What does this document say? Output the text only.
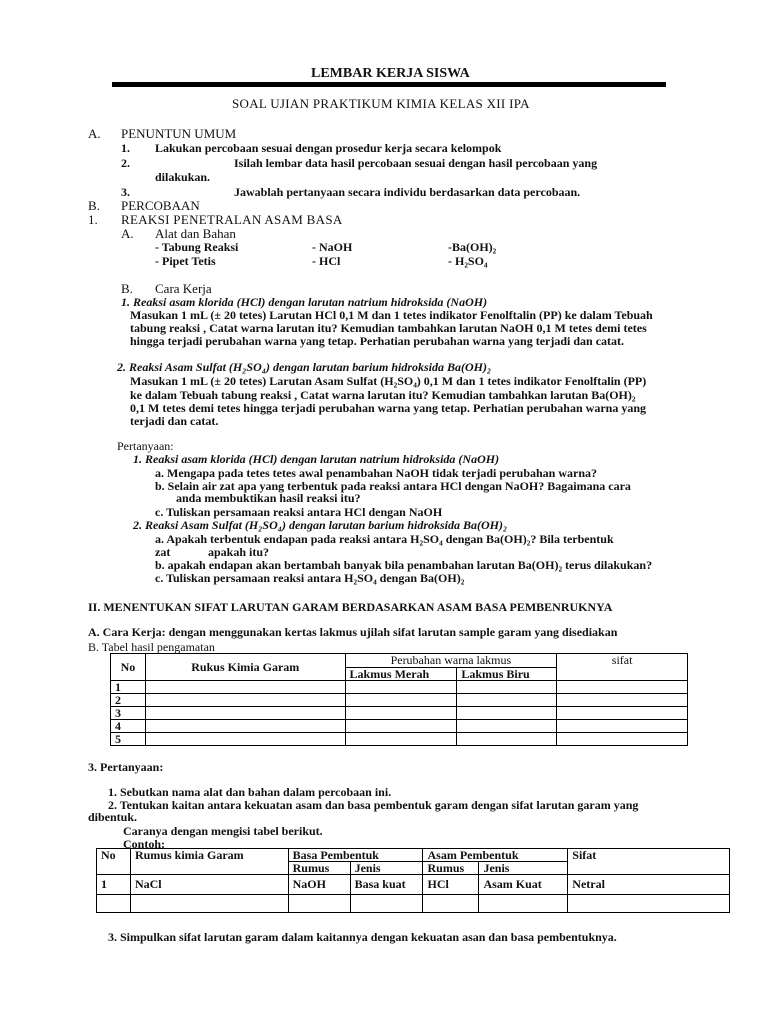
LEMBAR KERJA SISWA
SOAL UJIAN PRAKTIKUM KIMIA KELAS XII IPA
A. PENUNTUN UMUM
1. Lakukan percobaan sesuai dengan prosedur kerja secara kelompok
2.	Isilah lembar data hasil percobaan sesuai dengan hasil percobaan yang
dilakukan.
3.	Jawablah pertanyaan secara individu berdasarkan data percobaan.
B. PERCOBAAN
1. REAKSI PENETRALAN ASAM BASA
A. Alat dan Bahan
- Tabung Reaksi	- NaOH	-Ba(OH)₂
- Pipet Tetis	- HCl	- H₂SO₄
B. Cara Kerja
1. Reaksi asam klorida (HCl) dengan larutan natrium hidroksida (NaOH)
Masukan 1 mL (± 20 tetes) Larutan HCl 0,1 M dan 1 tetes indikator Fenolftalin (PP) ke dalam Tebuah
tabung reaksi , Catat warna larutan itu? Kemudian tambahkan larutan NaOH 0,1 M tetes demi tetes
hingga terjadi perubahan warna yang tetap. Perhatian perubahan warna yang terjadi dan catat.
2. Reaksi Asam Sulfat (H₂SO₄) dengan larutan barium hidroksida Ba(OH)₂
Masukan 1 mL (± 20 tetes) Larutan Asam Sulfat (H₂SO₄) 0,1 M dan 1 tetes indikator Fenolftalin (PP)
ke dalam Tebuah tabung reaksi , Catat warna larutan itu? Kemudian tambahkan larutan Ba(OH)₂
0,1 M tetes demi tetes hingga terjadi perubahan warna yang tetap. Perhatian perubahan warna yang
terjadi dan catat.
Pertanyaan:
1. Reaksi asam klorida (HCl) dengan larutan natrium hidroksida (NaOH)
a. Mengapa pada tetes tetes awal penambahan NaOH tidak terjadi perubahan warna?
b. Selain air zat apa yang terbentuk pada reaksi antara HCl dengan NaOH? Bagaimana cara
anda membuktikan hasil reaksi itu?
c. Tuliskan persamaan reaksi antara HCl dengan NaOH
2. Reaksi Asam Sulfat (H₂SO₄) dengan larutan barium hidroksida Ba(OH)₂
a. Apakah terbentuk endapan pada reaksi antara H₂SO₄ dengan Ba(OH)₂? Bila terbentuk
zat	apakah itu?
b. apakah endapan akan bertambah banyak bila penambahan larutan Ba(OH)₂ terus dilakukan?
c. Tuliskan persamaan reaksi antara H₂SO₄ dengan Ba(OH)₂
II. MENENTUKAN SIFAT LARUTAN GARAM BERDASARKAN ASAM BASA PEMBENRUKNYA
A. Cara Kerja: dengan menggunakan kertas lakmus ujilah sifat larutan sample garam yang disediakan
B. Tabel hasil pengamatan
No	Rukus Kimia Garam	Perubahan warna lakmus		sifat
		Lakmus Merah	Lakmus Biru	
1				
2				
3				
4				
5				
3. Pertanyaan:
1. Sebutkan nama alat dan bahan dalam percobaan ini.
2. Tentukan kaitan antara kekuatan asam dan basa pembentuk garam dengan sifat larutan garam yang
dibentuk.
Caranya dengan mengisi tabel berikut.
Contoh:
No	Rumus kimia Garam	Basa Pembentuk		Asam Pembentuk		Sifat
		Rumus	Jenis	Rumus	Jenis	
1	NaCl	NaOH	Basa kuat	HCl	Asam Kuat	Netral

3. Simpulkan sifat larutan garam dalam kaitannya dengan kekuatan asan dan basa pembentuknya.
